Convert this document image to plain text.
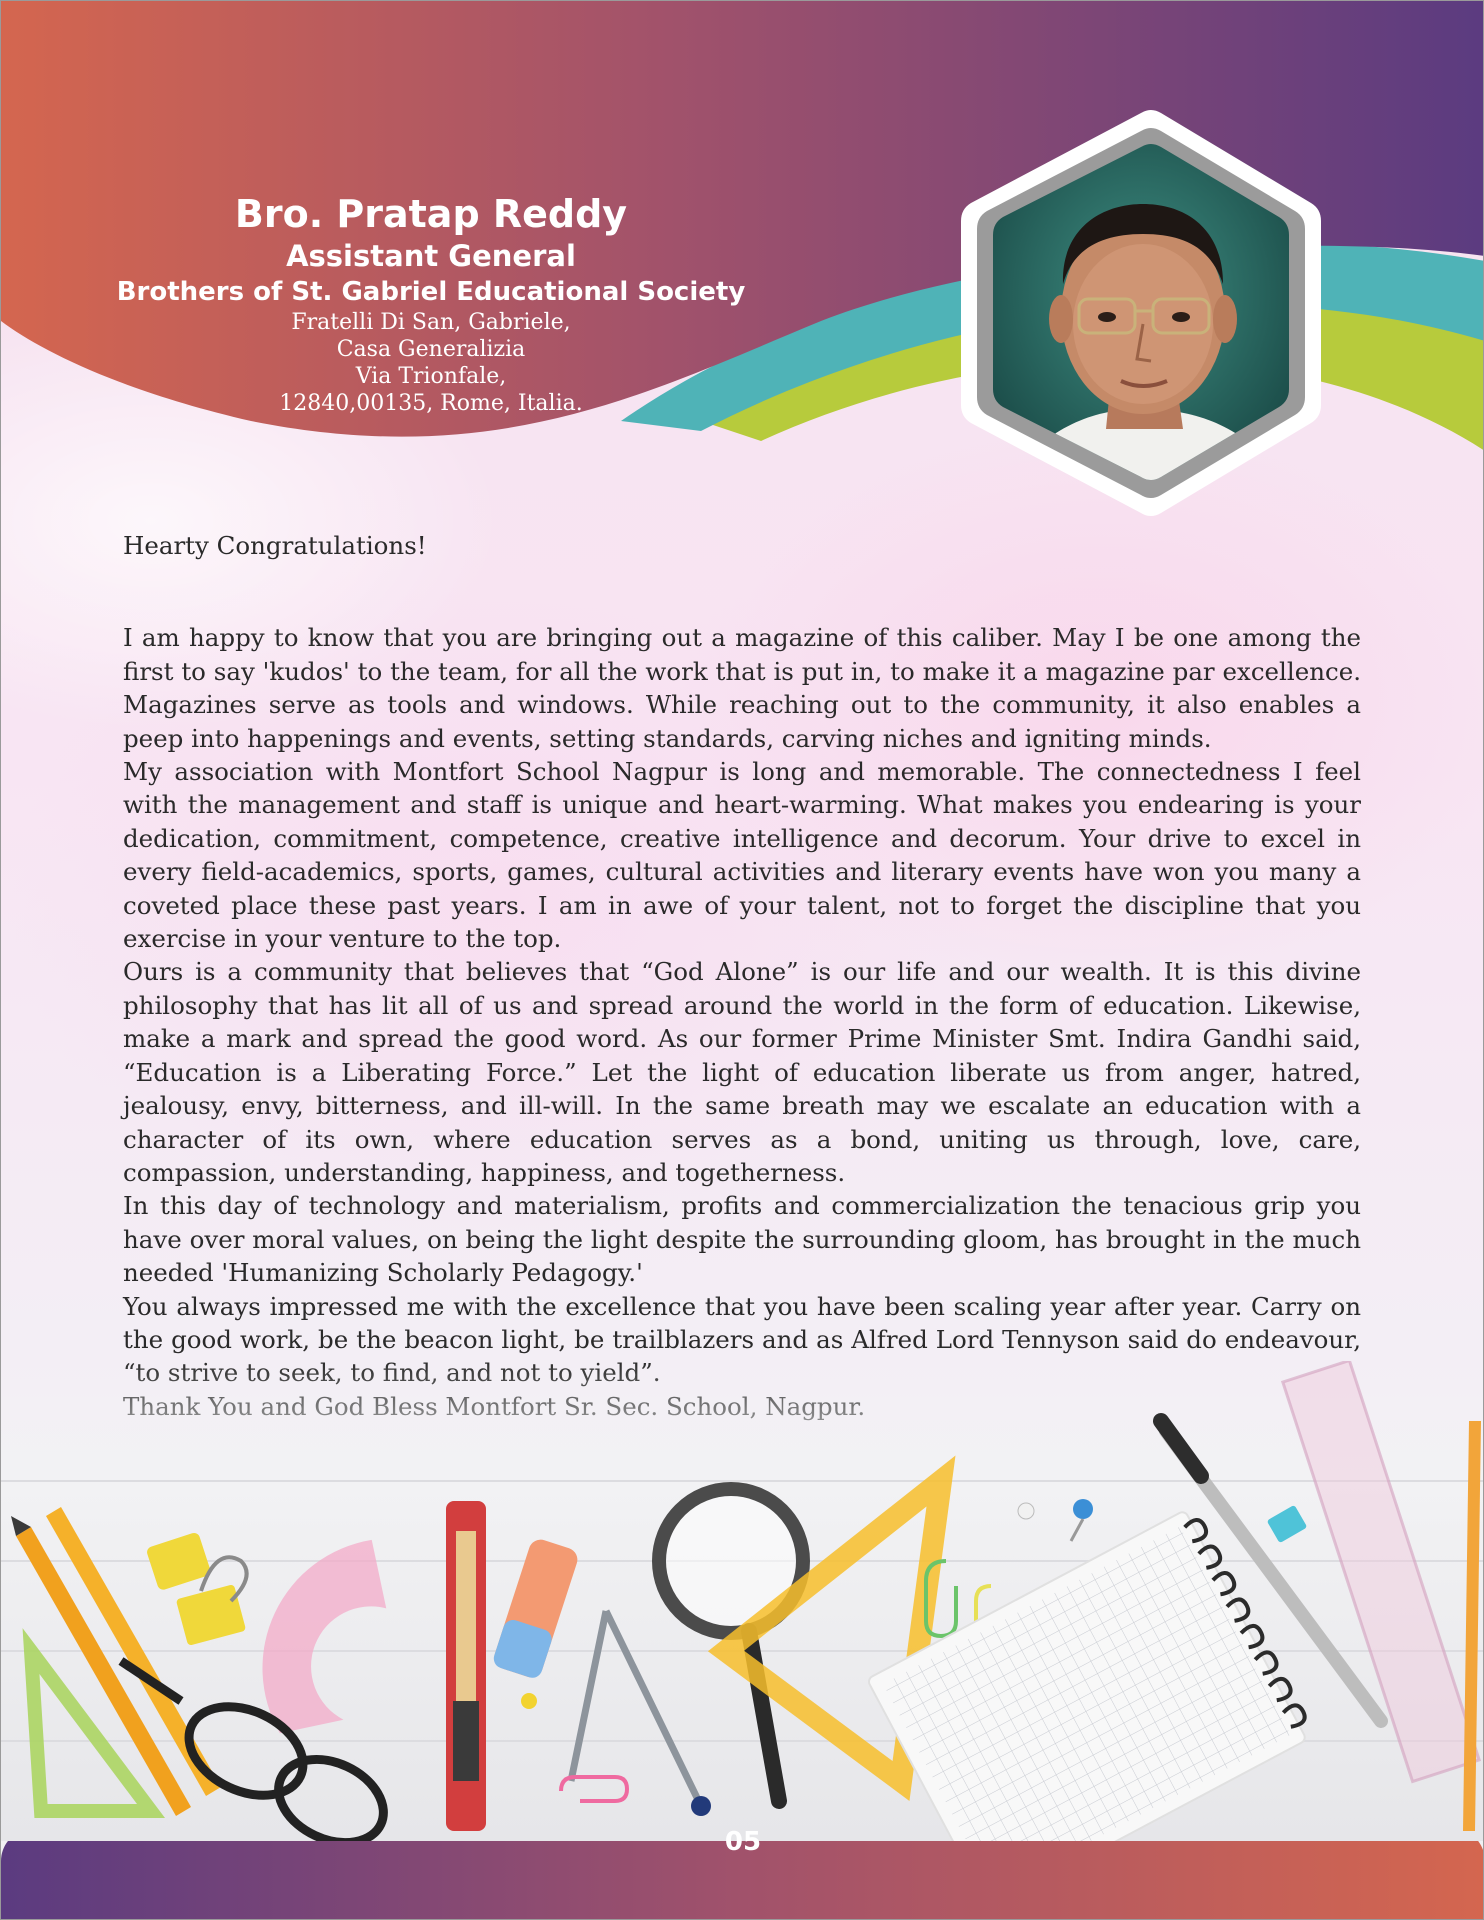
Bro. Pratap Reddy
Assistant General
Brothers of St. Gabriel Educational Society
Fratelli Di San, Gabriele,
Casa Generalizia
Via Trionfale,
12840,00135, Rome, Italia.

Hearty Congratulations!

I am happy to know that you are bringing out a magazine of this caliber. May I be one among the first to say 'kudos' to the team, for all the work that is put in, to make it a magazine par excellence. Magazines serve as tools and windows. While reaching out to the community, it also enables a peep into happenings and events, setting standards, carving niches and igniting minds.

My association with Montfort School Nagpur is long and memorable. The connectedness I feel with the management and staff is unique and heart-warming. What makes you endearing is your dedication, commitment, competence, creative intelligence and decorum. Your drive to excel in every field-academics, sports, games, cultural activities and literary events have won you many a coveted place these past years. I am in awe of your talent, not to forget the discipline that you exercise in your venture to the top.

Ours is a community that believes that “God Alone” is our life and our wealth. It is this divine philosophy that has lit all of us and spread around the world in the form of education. Likewise, make a mark and spread the good word. As our former Prime Minister Smt. Indira Gandhi said, “Education is a Liberating Force.” Let the light of education liberate us from anger, hatred, jealousy, envy, bitterness, and ill-will. In the same breath may we escalate an education with a character of its own, where education serves as a bond, uniting us through, love, care, compassion, understanding, happiness, and togetherness.

In this day of technology and materialism, profits and commercialization the tenacious grip you have over moral values, on being the light despite the surrounding gloom, has brought in the much needed 'Humanizing Scholarly Pedagogy.'

You always impressed me with the excellence that you have been scaling year after year. Carry on the good work, be the beacon light, be trailblazers and as Alfred Lord Tennyson said do endeavour,

05
